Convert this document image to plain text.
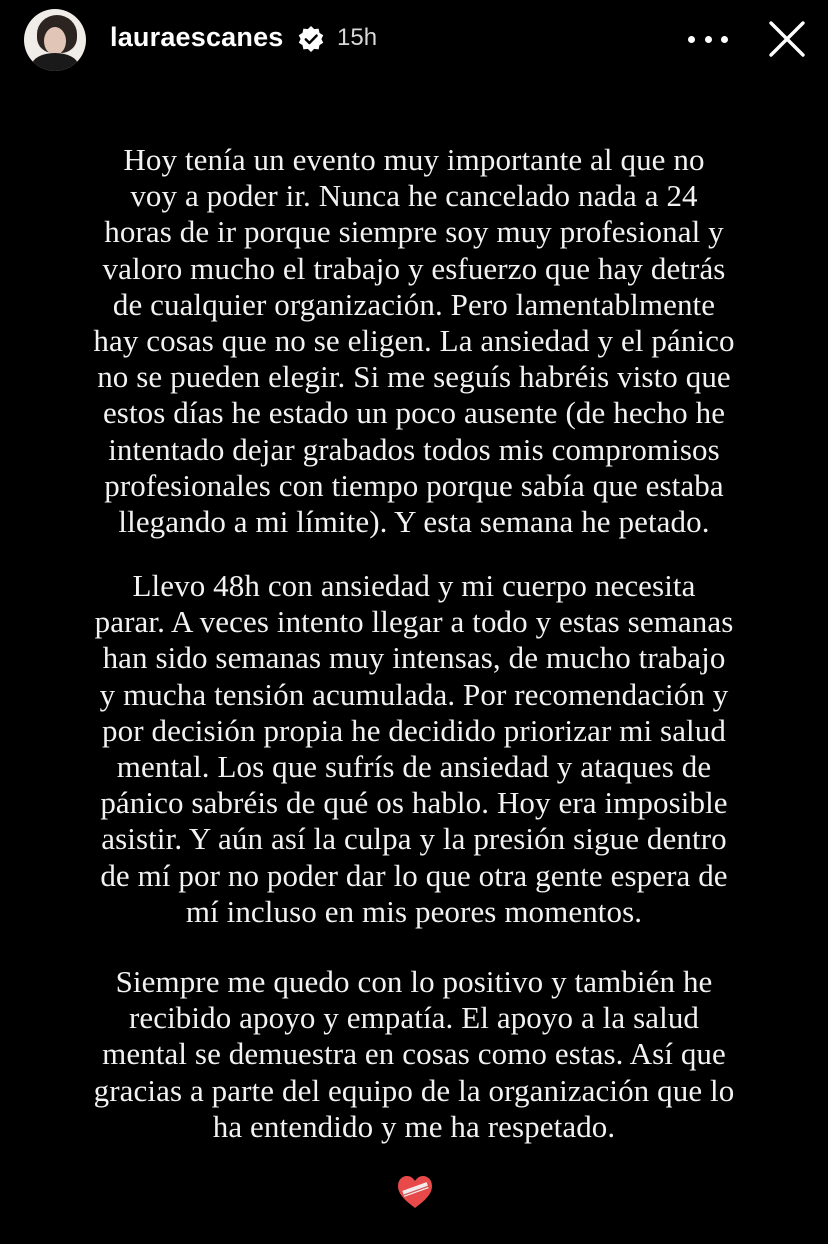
lauraescanes 15h
Hoy tenía un evento muy importante al que no
voy a poder ir. Nunca he cancelado nada a 24
horas de ir porque siempre soy muy profesional y
valoro mucho el trabajo y esfuerzo que hay detrás
de cualquier organización. Pero lamentablmente
hay cosas que no se eligen. La ansiedad y el pánico
no se pueden elegir. Si me seguís habréis visto que
estos días he estado un poco ausente (de hecho he
intentado dejar grabados todos mis compromisos
profesionales con tiempo porque sabía que estaba
llegando a mi límite). Y esta semana he petado.
Llevo 48h con ansiedad y mi cuerpo necesita
parar. A veces intento llegar a todo y estas semanas
han sido semanas muy intensas, de mucho trabajo
y mucha tensión acumulada. Por recomendación y
por decisión propia he decidido priorizar mi salud
mental. Los que sufrís de ansiedad y ataques de
pánico sabréis de qué os hablo. Hoy era imposible
asistir. Y aún así la culpa y la presión sigue dentro
de mí por no poder dar lo que otra gente espera de
mí incluso en mis peores momentos.
Siempre me quedo con lo positivo y también he
recibido apoyo y empatía. El apoyo a la salud
mental se demuestra en cosas como estas. Así que
gracias a parte del equipo de la organización que lo
ha entendido y me ha respetado.
